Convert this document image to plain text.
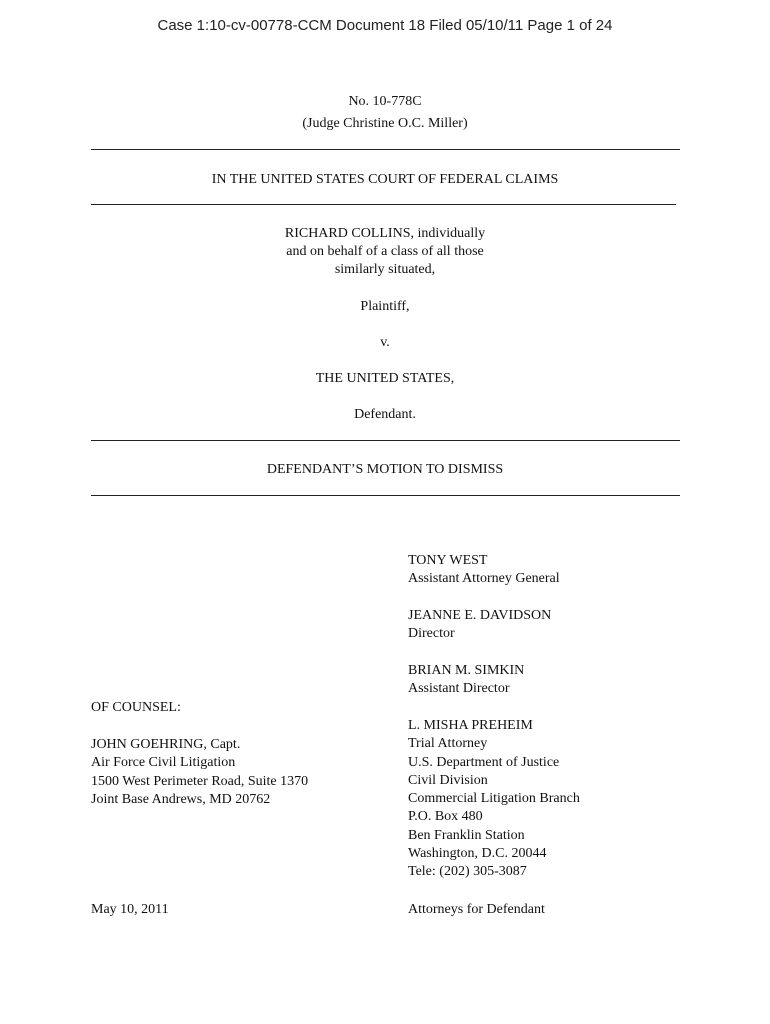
Case 1:10-cv-00778-CCM Document 18 Filed 05/10/11 Page 1 of 24
No. 10-778C
(Judge Christine O.C. Miller)
IN THE UNITED STATES COURT OF FEDERAL CLAIMS
RICHARD COLLINS, individually
and on behalf of a class of all those
similarly situated,
Plaintiff,
v.
THE UNITED STATES,
Defendant.
DEFENDANT’S MOTION TO DISMISS
TONY WEST
Assistant Attorney General
JEANNE E. DAVIDSON
Director
BRIAN M. SIMKIN
Assistant Director
L. MISHA PREHEIM
Trial Attorney
U.S. Department of Justice
Civil Division
Commercial Litigation Branch
P.O. Box 480
Ben Franklin Station
Washington, D.C. 20044
Tele: (202) 305-3087
OF COUNSEL:
JOHN GOEHRING, Capt.
Air Force Civil Litigation
1500 West Perimeter Road, Suite 1370
Joint Base Andrews, MD 20762
May 10, 2011	Attorneys for Defendant
